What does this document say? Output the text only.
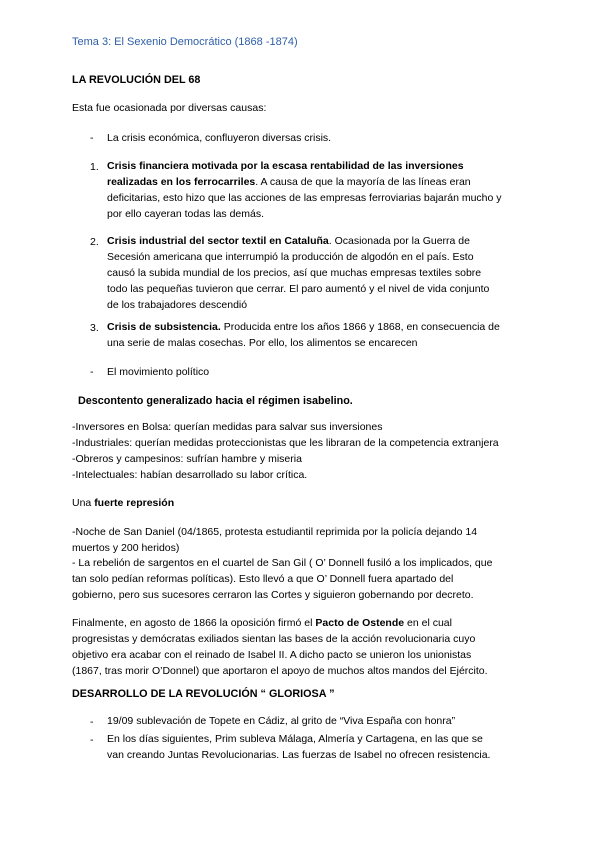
Tema 3: El Sexenio Democrático (1868 -1874)
LA REVOLUCIÓN DEL 68
Esta fue ocasionada por diversas causas:
- La crisis económica, confluyeron diversas crisis.
1. Crisis financiera motivada por la escasa rentabilidad de las inversiones
realizadas en los ferrocarriles. A causa de que la mayoría de las líneas eran
deficitarias, esto hizo que las acciones de las empresas ferroviarias bajarán mucho y
por ello cayeran todas las demás.
2. Crisis industrial del sector textil en Cataluña. Ocasionada por la Guerra de
Secesión americana que interrumpió la producción de algodón en el país. Esto
causó la subida mundial de los precios, así que muchas empresas textiles sobre
todo las pequeñas tuvieron que cerrar. El paro aumentó y el nivel de vida conjunto
de los trabajadores descendió
3. Crisis de subsistencia. Producida entre los años 1866 y 1868, en consecuencia de
una serie de malas cosechas. Por ello, los alimentos se encarecen
- El movimiento político
Descontento generalizado hacia el régimen isabelino.
-Inversores en Bolsa: querían medidas para salvar sus inversiones
-Industriales: querían medidas proteccionistas que les libraran de la competencia extranjera
-Obreros y campesinos: sufrían hambre y miseria
-Intelectuales: habían desarrollado su labor crítica.
Una fuerte represión
-Noche de San Daniel (04/1865, protesta estudiantil reprimida por la policía dejando 14
muertos y 200 heridos)
- La rebelión de sargentos en el cuartel de San Gil ( O’ Donnell fusiló a los implicados, que
tan solo pedían reformas políticas). Esto llevó a que O’ Donnell fuera apartado del
gobierno, pero sus sucesores cerraron las Cortes y siguieron gobernando por decreto.
Finalmente, en agosto de 1866 la oposición firmó el Pacto de Ostende en el cual
progresistas y demócratas exiliados sientan las bases de la acción revolucionaria cuyo
objetivo era acabar con el reinado de Isabel II. A dicho pacto se unieron los unionistas
(1867, tras morir O’Donnel) que aportaron el apoyo de muchos altos mandos del Ejército.
DESARROLLO DE LA REVOLUCIÓN “ GLORIOSA ”
- 19/09 sublevación de Topete en Cádiz, al grito de “Viva España con honra”
- En los días siguientes, Prim subleva Málaga, Almería y Cartagena, en las que se
van creando Juntas Revolucionarias. Las fuerzas de Isabel no ofrecen resistencia.
